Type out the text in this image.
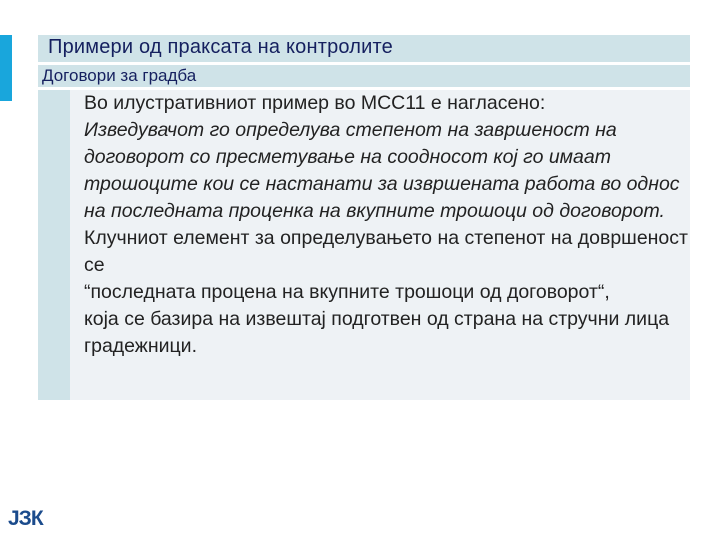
Примери од праксата на контролите
Договори за градба

Во илустративниот пример во МСС11 е нагласено:

Изведувачот го определува степенот на завршеност на договорот со пресметување на соодносот кој го имаат трошоците кои се настанати за извршената работа во однос на последната проценка на вкупните трошоци од договорот.

Клучниот елемент за определувањето на степенот на довршеност се

“последната процена на вкупните трошоци од договорот“,

која се базира на извештај подготвен од страна на стручни лица градежници.

ЈЗК
